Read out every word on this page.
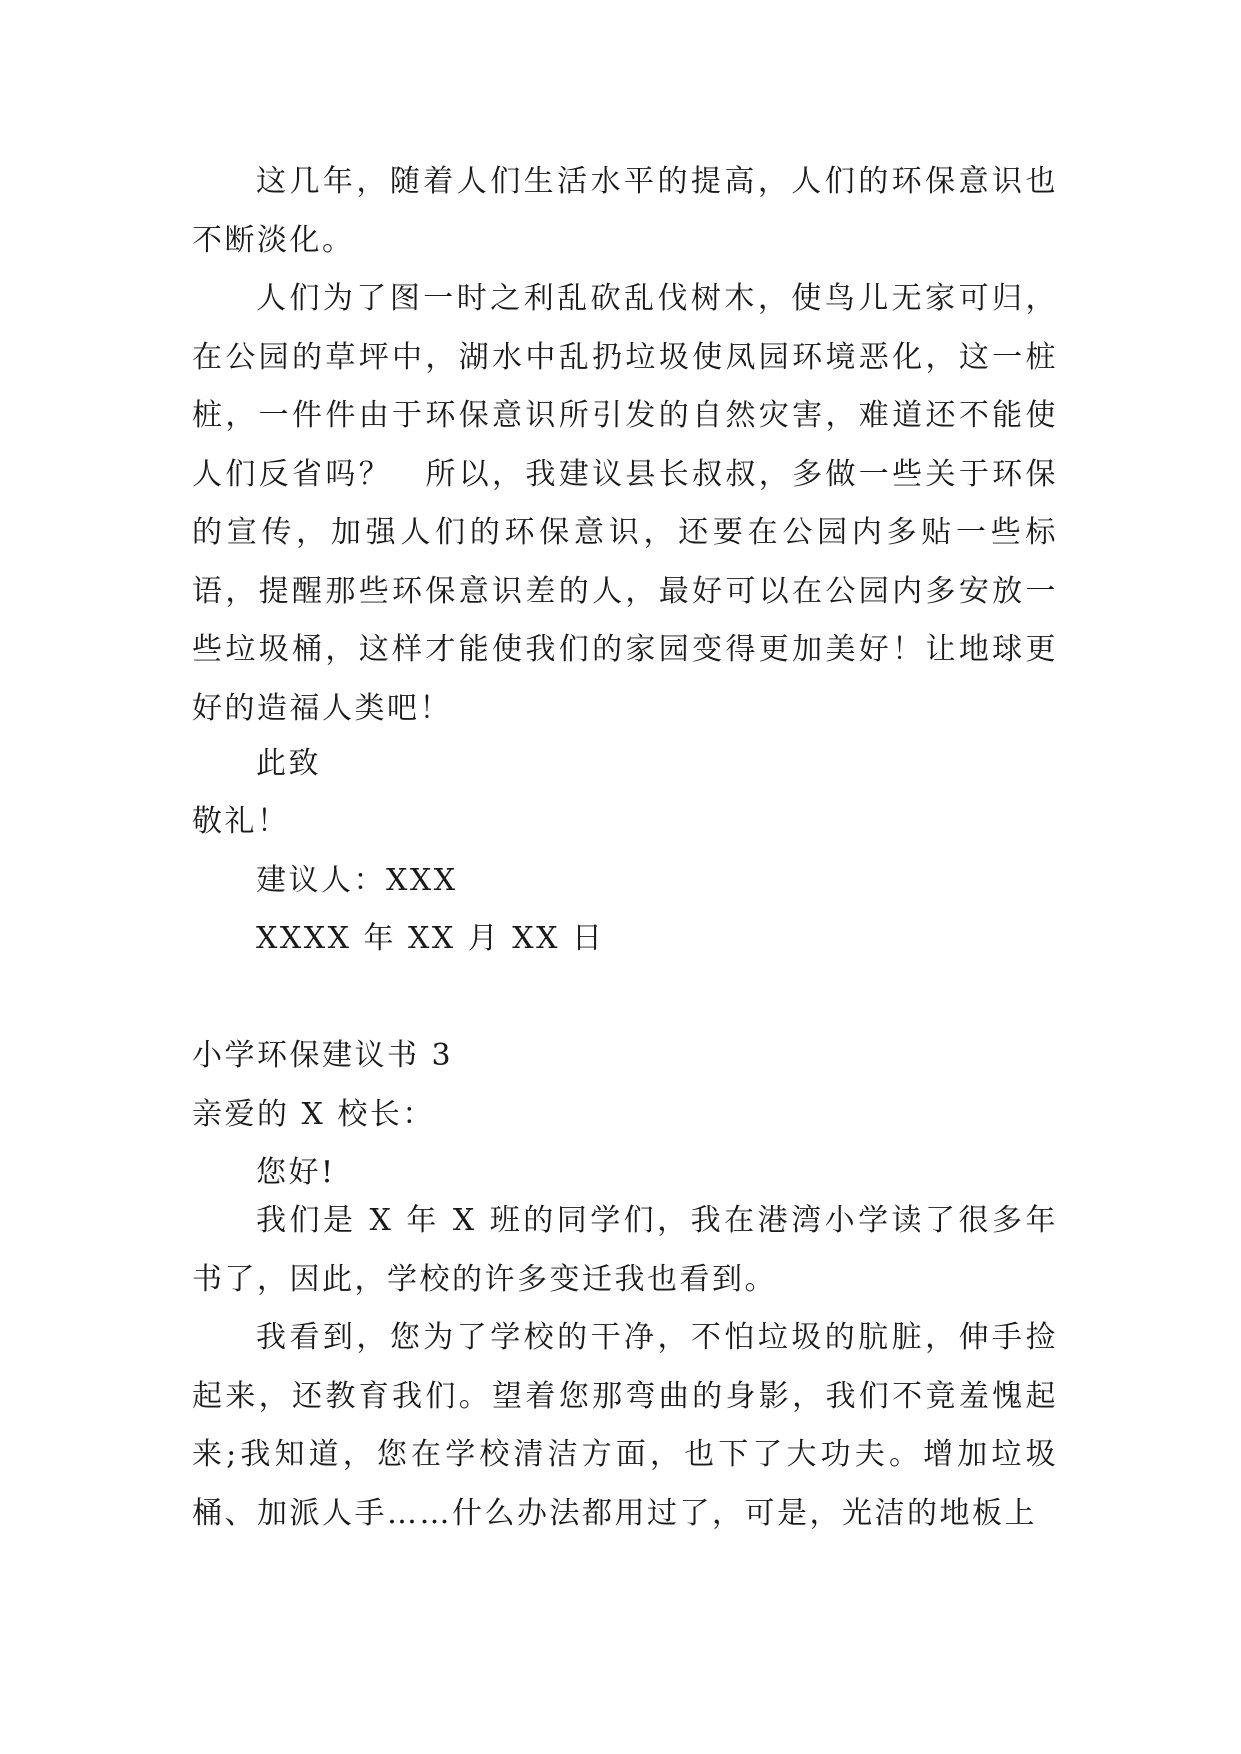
这几年，随着人们生活水平的提高，人们的环保意识也不断淡化。

人们为了图一时之利乱砍乱伐树木，使鸟儿无家可归，在公园的草坪中，湖水中乱扔垃圾使凤园环境恶化，这一桩桩，一件件由于环保意识所引发的自然灾害，难道还不能使人们反省吗？　所以，我建议县长叔叔，多做一些关于环保的宣传，加强人们的环保意识，还要在公园内多贴一些标语，提醒那些环保意识差的人，最好可以在公园内多安放一些垃圾桶，这样才能使我们的家园变得更加美好！让地球更好的造福人类吧！

此致

敬礼！

建议人：XXX

XXXX 年 XX 月 XX 日

小学环保建议书 3

亲爱的 X 校长：

您好!

我们是 X 年 X 班的同学们，我在港湾小学读了很多年书了，因此，学校的许多变迁我也看到。

我看到，您为了学校的干净，不怕垃圾的肮脏，伸手捡起来，还教育我们。望着您那弯曲的身影，我们不竟羞愧起来;我知道，您在学校清洁方面，也下了大功夫。增加垃圾桶、加派人手……什么办法都用过了，可是，光洁的地板上
